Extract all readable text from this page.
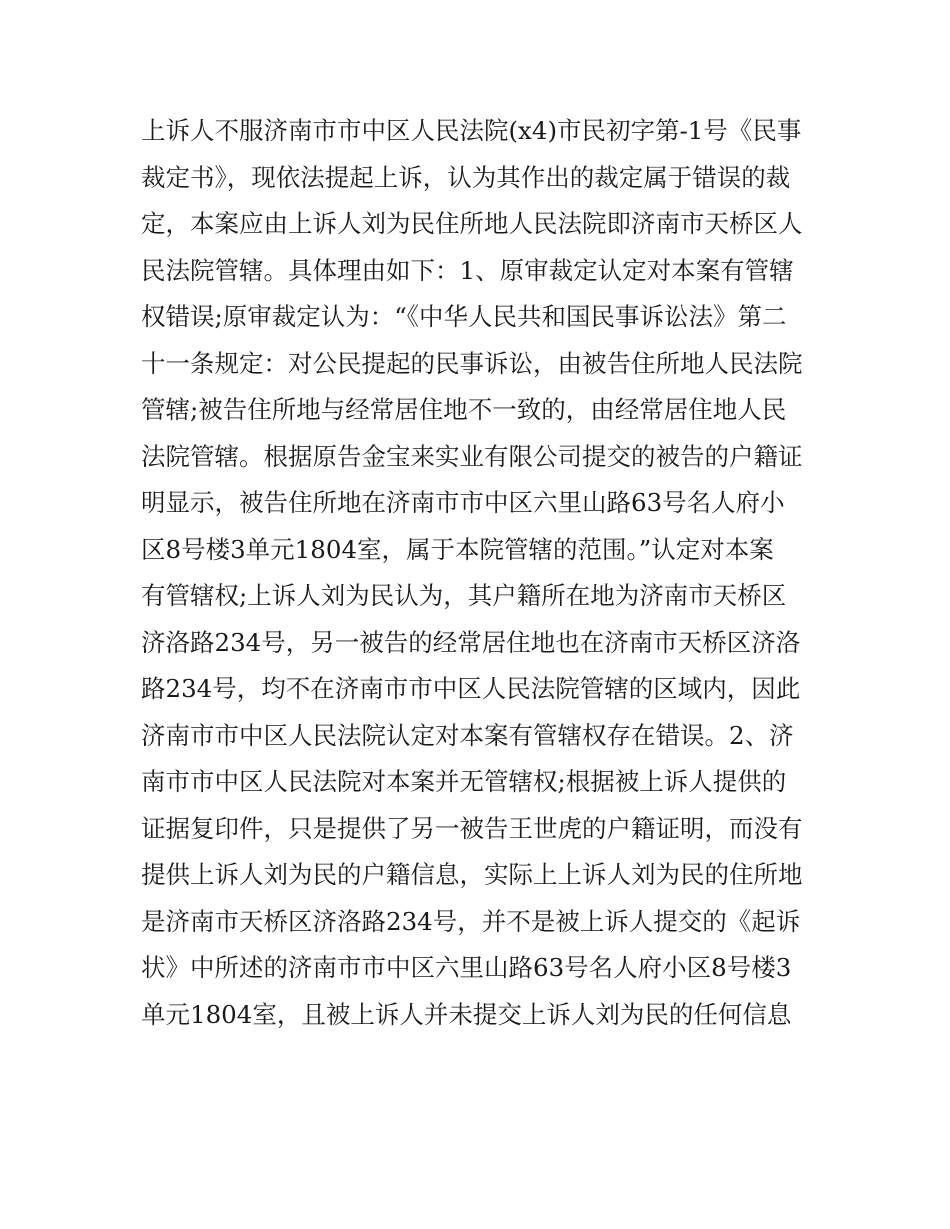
上诉人不服济南市市中区人民法院(x4)市民初字第-1号《民事
裁定书》，现依法提起上诉，认为其作出的裁定属于错误的裁
定，本案应由上诉人刘为民住所地人民法院即济南市天桥区人
民法院管辖。具体理由如下：1、原审裁定认定对本案有管辖
权错误;原审裁定认为：“《中华人民共和国民事诉讼法》第二
十一条规定：对公民提起的民事诉讼，由被告住所地人民法院
管辖;被告住所地与经常居住地不一致的，由经常居住地人民
法院管辖。根据原告金宝来实业有限公司提交的被告的户籍证
明显示，被告住所地在济南市市中区六里山路63号名人府小
区8号楼3单元1804室，属于本院管辖的范围。”认定对本案
有管辖权;上诉人刘为民认为，其户籍所在地为济南市天桥区
济洛路234号，另一被告的经常居住地也在济南市天桥区济洛
路234号，均不在济南市市中区人民法院管辖的区域内，因此
济南市市中区人民法院认定对本案有管辖权存在错误。2、济
南市市中区人民法院对本案并无管辖权;根据被上诉人提供的
证据复印件，只是提供了另一被告王世虎的户籍证明，而没有
提供上诉人刘为民的户籍信息，实际上上诉人刘为民的住所地
是济南市天桥区济洛路234号，并不是被上诉人提交的《起诉
状》中所述的济南市市中区六里山路63号名人府小区8号楼3
单元1804室，且被上诉人并未提交上诉人刘为民的任何信息
